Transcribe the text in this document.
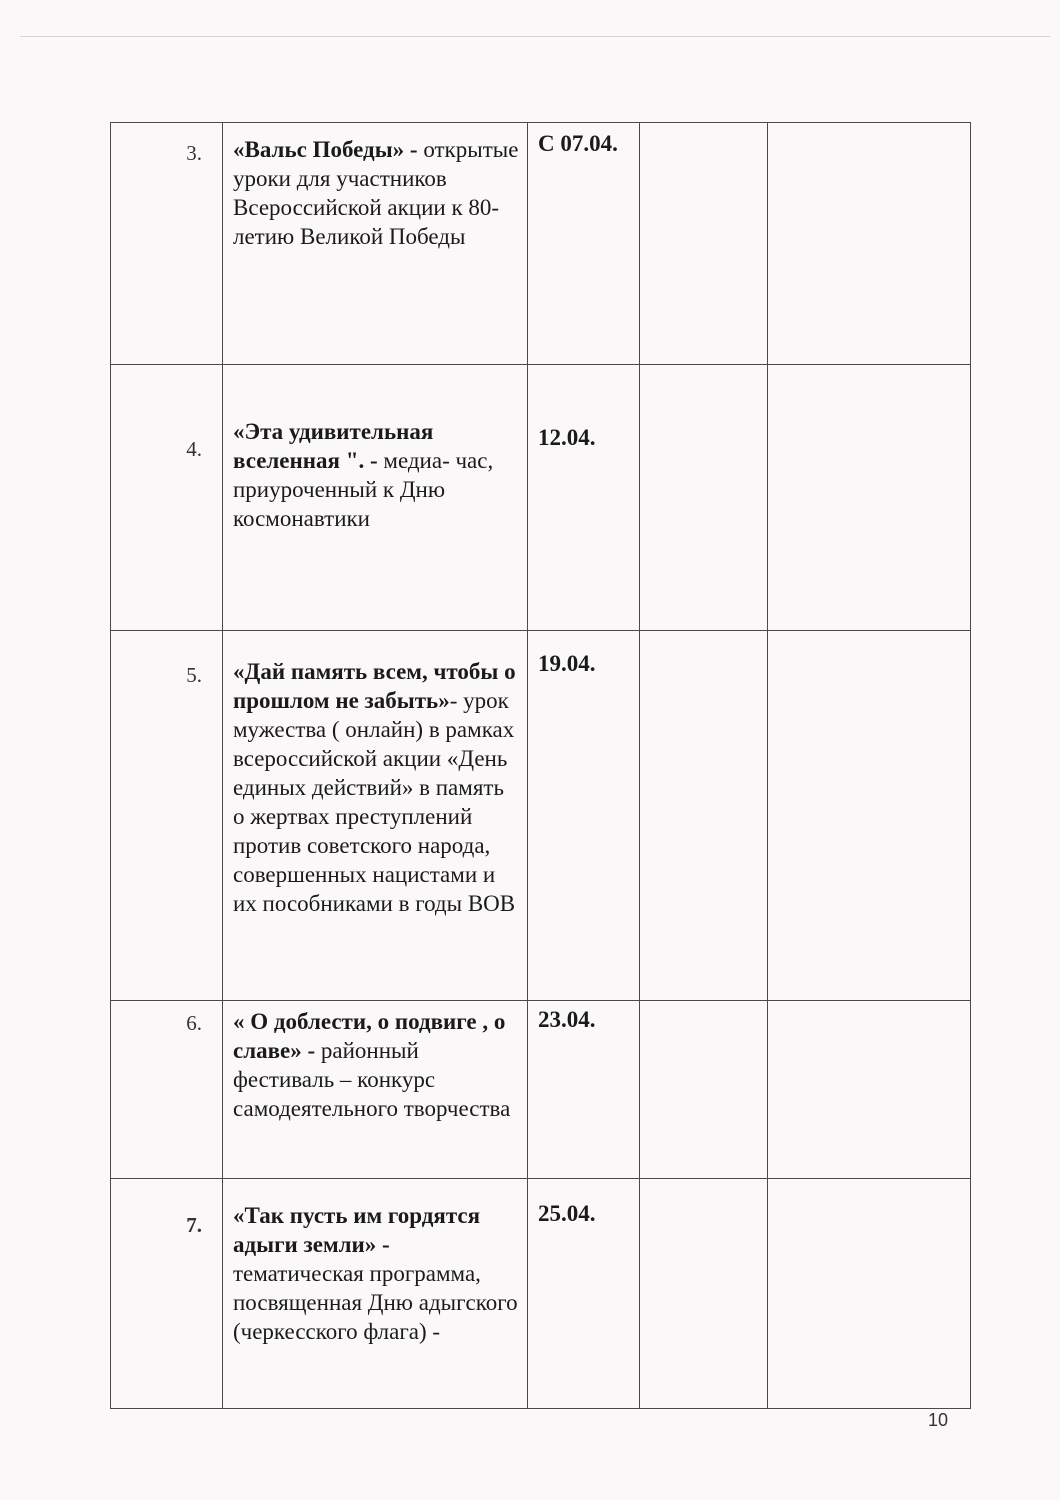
3.	«Вальс Победы» - открытые уроки для участников Всероссийской акции к 80- летию Великой Победы	С 07.04.		
4.	«Эта удивительная вселенная ". - медиа- час, приуроченный к Дню космонавтики	12.04.		
5.	«Дай память всем, чтобы о прошлом не забыть»- урок мужества ( онлайн) в рамках всероссийской акции «День единых действий» в память о жертвах преступлений против советского народа, совершенных нацистами и их пособниками в годы ВОВ	19.04.		
6.	« О доблести, о подвиге , о славе» - районный фестиваль – конкурс самодеятельного творчества	23.04.		
7.	«Так пусть им гордятся адыги земли» - тематическая программа, посвященная Дню адыгского (черкесского флага) -	25.04.		
10
